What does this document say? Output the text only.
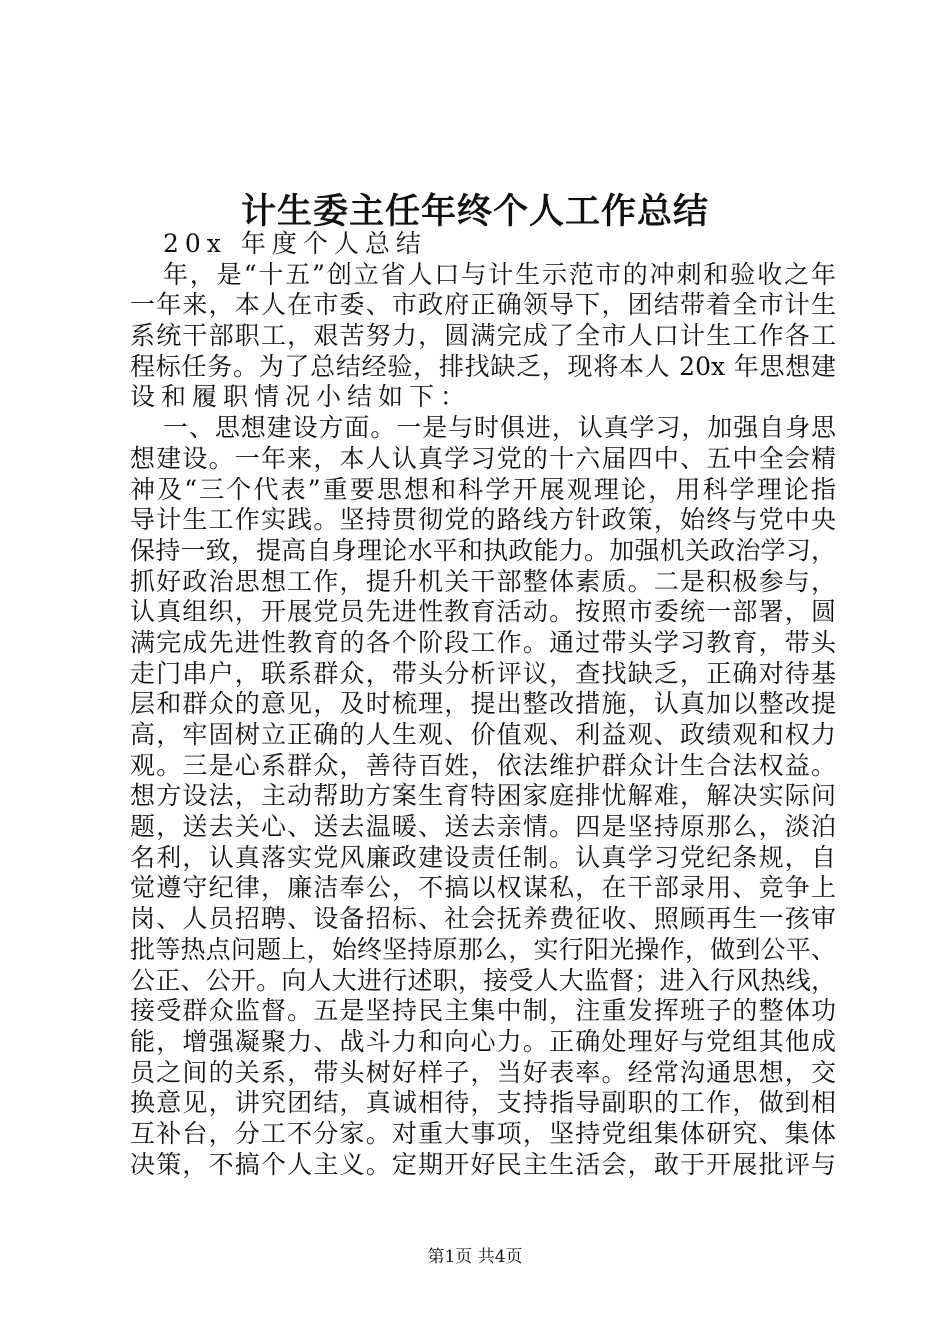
计生委主任年终个人工作总结
20x 年度个人总结
年，是“十五”创立省人口与计生示范市的冲刺和验收之年
一年来，本人在市委、市政府正确领导下，团结带着全市计生
系统干部职工，艰苦努力，圆满完成了全市人口计生工作各工
程标任务。为了总结经验，排找缺乏，现将本人 20x 年思想建
设和履职情况小结如下：
一、思想建设方面。一是与时俱进，认真学习，加强自身思
想建设。一年来，本人认真学习党的十六届四中、五中全会精
神及“三个代表”重要思想和科学开展观理论，用科学理论指
导计生工作实践。坚持贯彻党的路线方针政策，始终与党中央
保持一致，提高自身理论水平和执政能力。加强机关政治学习，
抓好政治思想工作，提升机关干部整体素质。二是积极参与，
认真组织，开展党员先进性教育活动。按照市委统一部署，圆
满完成先进性教育的各个阶段工作。通过带头学习教育，带头
走门串户，联系群众，带头分析评议，查找缺乏，正确对待基
层和群众的意见，及时梳理，提出整改措施，认真加以整改提
高，牢固树立正确的人生观、价值观、利益观、政绩观和权力
观。三是心系群众，善待百姓，依法维护群众计生合法权益。
想方设法，主动帮助方案生育特困家庭排忧解难，解决实际问
题，送去关心、送去温暖、送去亲情。四是坚持原那么，淡泊
名利，认真落实党风廉政建设责任制。认真学习党纪条规，自
觉遵守纪律，廉洁奉公，不搞以权谋私，在干部录用、竞争上
岗、人员招聘、设备招标、社会抚养费征收、照顾再生一孩审
批等热点问题上，始终坚持原那么，实行阳光操作，做到公平、
公正、公开。向人大进行述职，接受人大监督；进入行风热线，
接受群众监督。五是坚持民主集中制，注重发挥班子的整体功
能，增强凝聚力、战斗力和向心力。正确处理好与党组其他成
员之间的关系，带头树好样子，当好表率。经常沟通思想，交
换意见，讲究团结，真诚相待，支持指导副职的工作，做到相
互补台，分工不分家。对重大事项，坚持党组集体研究、集体
决策，不搞个人主义。定期开好民主生活会，敢于开展批评与
第1页 共4页
